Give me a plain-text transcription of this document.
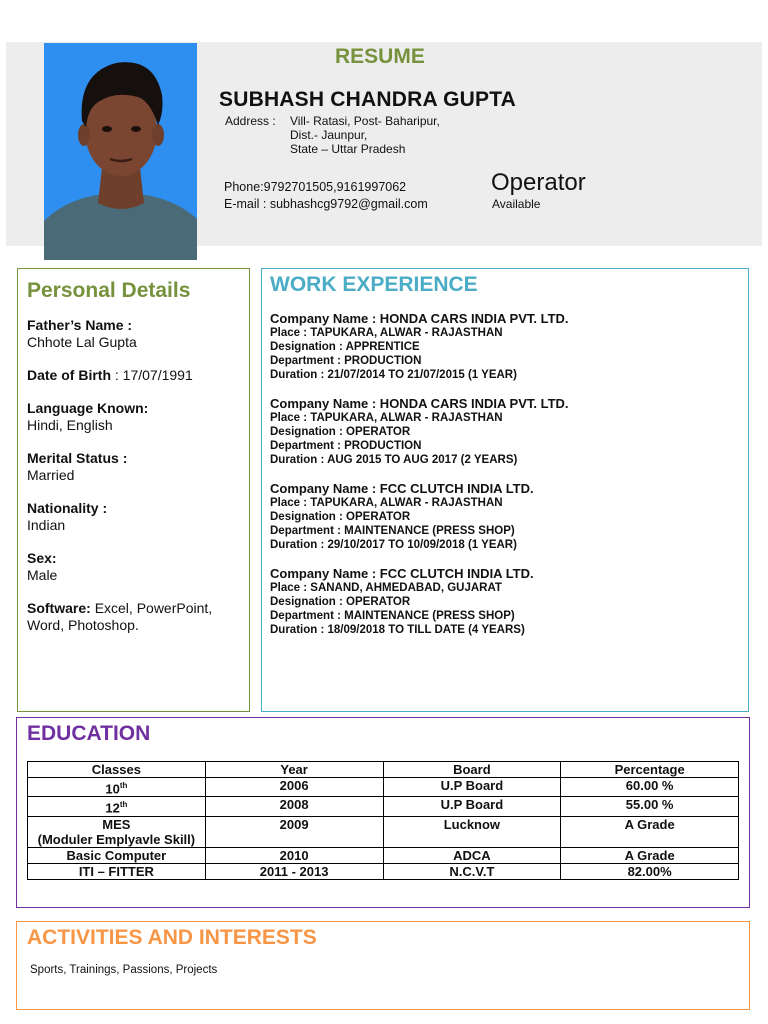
RESUME
SUBHASH CHANDRA GUPTA
Address : Vill- Ratasi, Post- Baharipur,
Dist.- Jaunpur,
State – Uttar Pradesh
Phone:9792701505,9161997062
E-mail : subhashcg9792@gmail.com
Operator
Available
Personal Details
Father’s Name :
Chhote Lal Gupta
Date of Birth : 17/07/1991
Language Known:
Hindi, English
Merital Status :
Married
Nationality :
Indian
Sex:
Male
Software: Excel, PowerPoint, Word, Photoshop.
WORK EXPERIENCE
Company Name : HONDA CARS INDIA PVT. LTD.
Place : TAPUKARA, ALWAR - RAJASTHAN
Designation : APPRENTICE
Department : PRODUCTION
Duration : 21/07/2014 TO 21/07/2015 (1 YEAR)
Company Name : HONDA CARS INDIA PVT. LTD.
Place : TAPUKARA, ALWAR - RAJASTHAN
Designation : OPERATOR
Department : PRODUCTION
Duration : AUG 2015 TO AUG 2017 (2 YEARS)
Company Name : FCC CLUTCH INDIA LTD.
Place : TAPUKARA, ALWAR - RAJASTHAN
Designation : OPERATOR
Department : MAINTENANCE (PRESS SHOP)
Duration : 29/10/2017 TO 10/09/2018 (1 YEAR)
Company Name : FCC CLUTCH INDIA LTD.
Place : SANAND, AHMEDABAD, GUJARAT
Designation : OPERATOR
Department : MAINTENANCE (PRESS SHOP)
Duration : 18/09/2018 TO TILL DATE (4 YEARS)
EDUCATION
Classes	Year	Board	Percentage
10th	2006	U.P Board	60.00 %
12th	2008	U.P Board	55.00 %

MES
(Moduler Emplyavle Skill)	2009	Lucknow	A Grade
Basic Computer	2010	ADCA	A Grade
ITI – FITTER	2011 - 2013	N.C.V.T	82.00%
ACTIVITIES AND INTERESTS
Sports, Trainings, Passions, Projects
